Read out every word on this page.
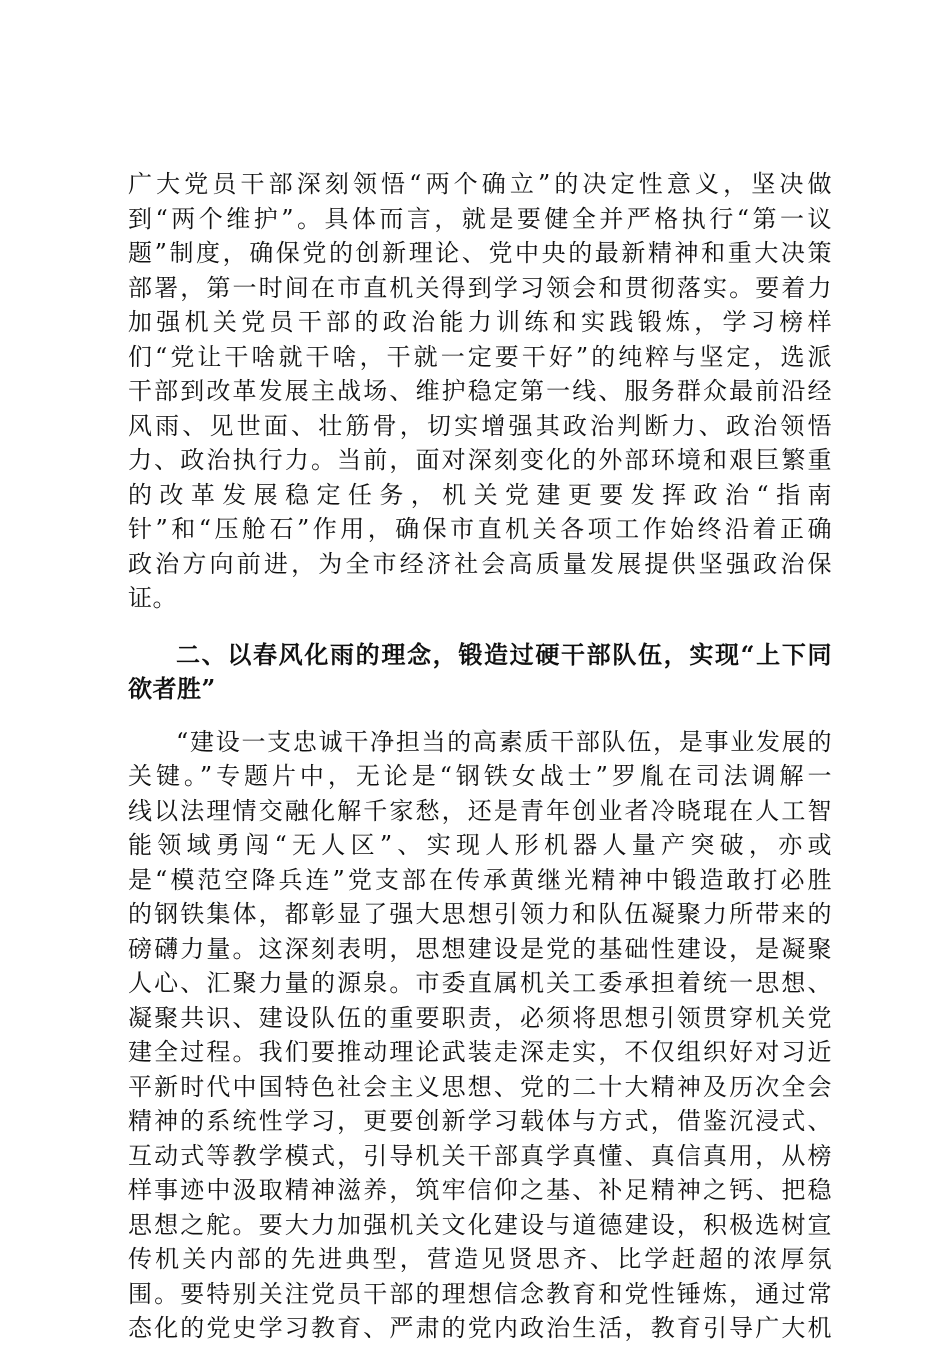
广大党员干部深刻领悟“两个确立”的决定性意义，坚决做
到“两个维护”。具体而言，就是要健全并严格执行“第一议
题”制度，确保党的创新理论、党中央的最新精神和重大决策
部署，第一时间在市直机关得到学习领会和贯彻落实。要着力
加强机关党员干部的政治能力训练和实践锻炼，学习榜样
们“党让干啥就干啥，干就一定要干好”的纯粹与坚定，选派
干部到改革发展主战场、维护稳定第一线、服务群众最前沿经
风雨、见世面、壮筋骨，切实增强其政治判断力、政治领悟
力、政治执行力。当前，面对深刻变化的外部环境和艰巨繁重
的改革发展稳定任务，机关党建更要发挥政治“指南
针”和“压舱石”作用，确保市直机关各项工作始终沿着正确
政治方向前进，为全市经济社会高质量发展提供坚强政治保
证。
二、以春风化雨的理念，锻造过硬干部队伍，实现“上下同
欲者胜”
“建设一支忠诚干净担当的高素质干部队伍，是事业发展的
关键。”专题片中，无论是“钢铁女战士”罗胤在司法调解一
线以法理情交融化解千家愁，还是青年创业者冷晓琨在人工智
能领域勇闯“无人区”、实现人形机器人量产突破，亦或
是“模范空降兵连”党支部在传承黄继光精神中锻造敢打必胜
的钢铁集体，都彰显了强大思想引领力和队伍凝聚力所带来的
磅礴力量。这深刻表明，思想建设是党的基础性建设，是凝聚
人心、汇聚力量的源泉。市委直属机关工委承担着统一思想、
凝聚共识、建设队伍的重要职责，必须将思想引领贯穿机关党
建全过程。我们要推动理论武装走深走实，不仅组织好对习近
平新时代中国特色社会主义思想、党的二十大精神及历次全会
精神的系统性学习，更要创新学习载体与方式，借鉴沉浸式、
互动式等教学模式，引导机关干部真学真懂、真信真用，从榜
样事迹中汲取精神滋养，筑牢信仰之基、补足精神之钙、把稳
思想之舵。要大力加强机关文化建设与道德建设，积极选树宣
传机关内部的先进典型，营造见贤思齐、比学赶超的浓厚氛
围。要特别关注党员干部的理想信念教育和党性锤炼，通过常
态化的党史学习教育、严肃的党内政治生活，教育引导广大机
